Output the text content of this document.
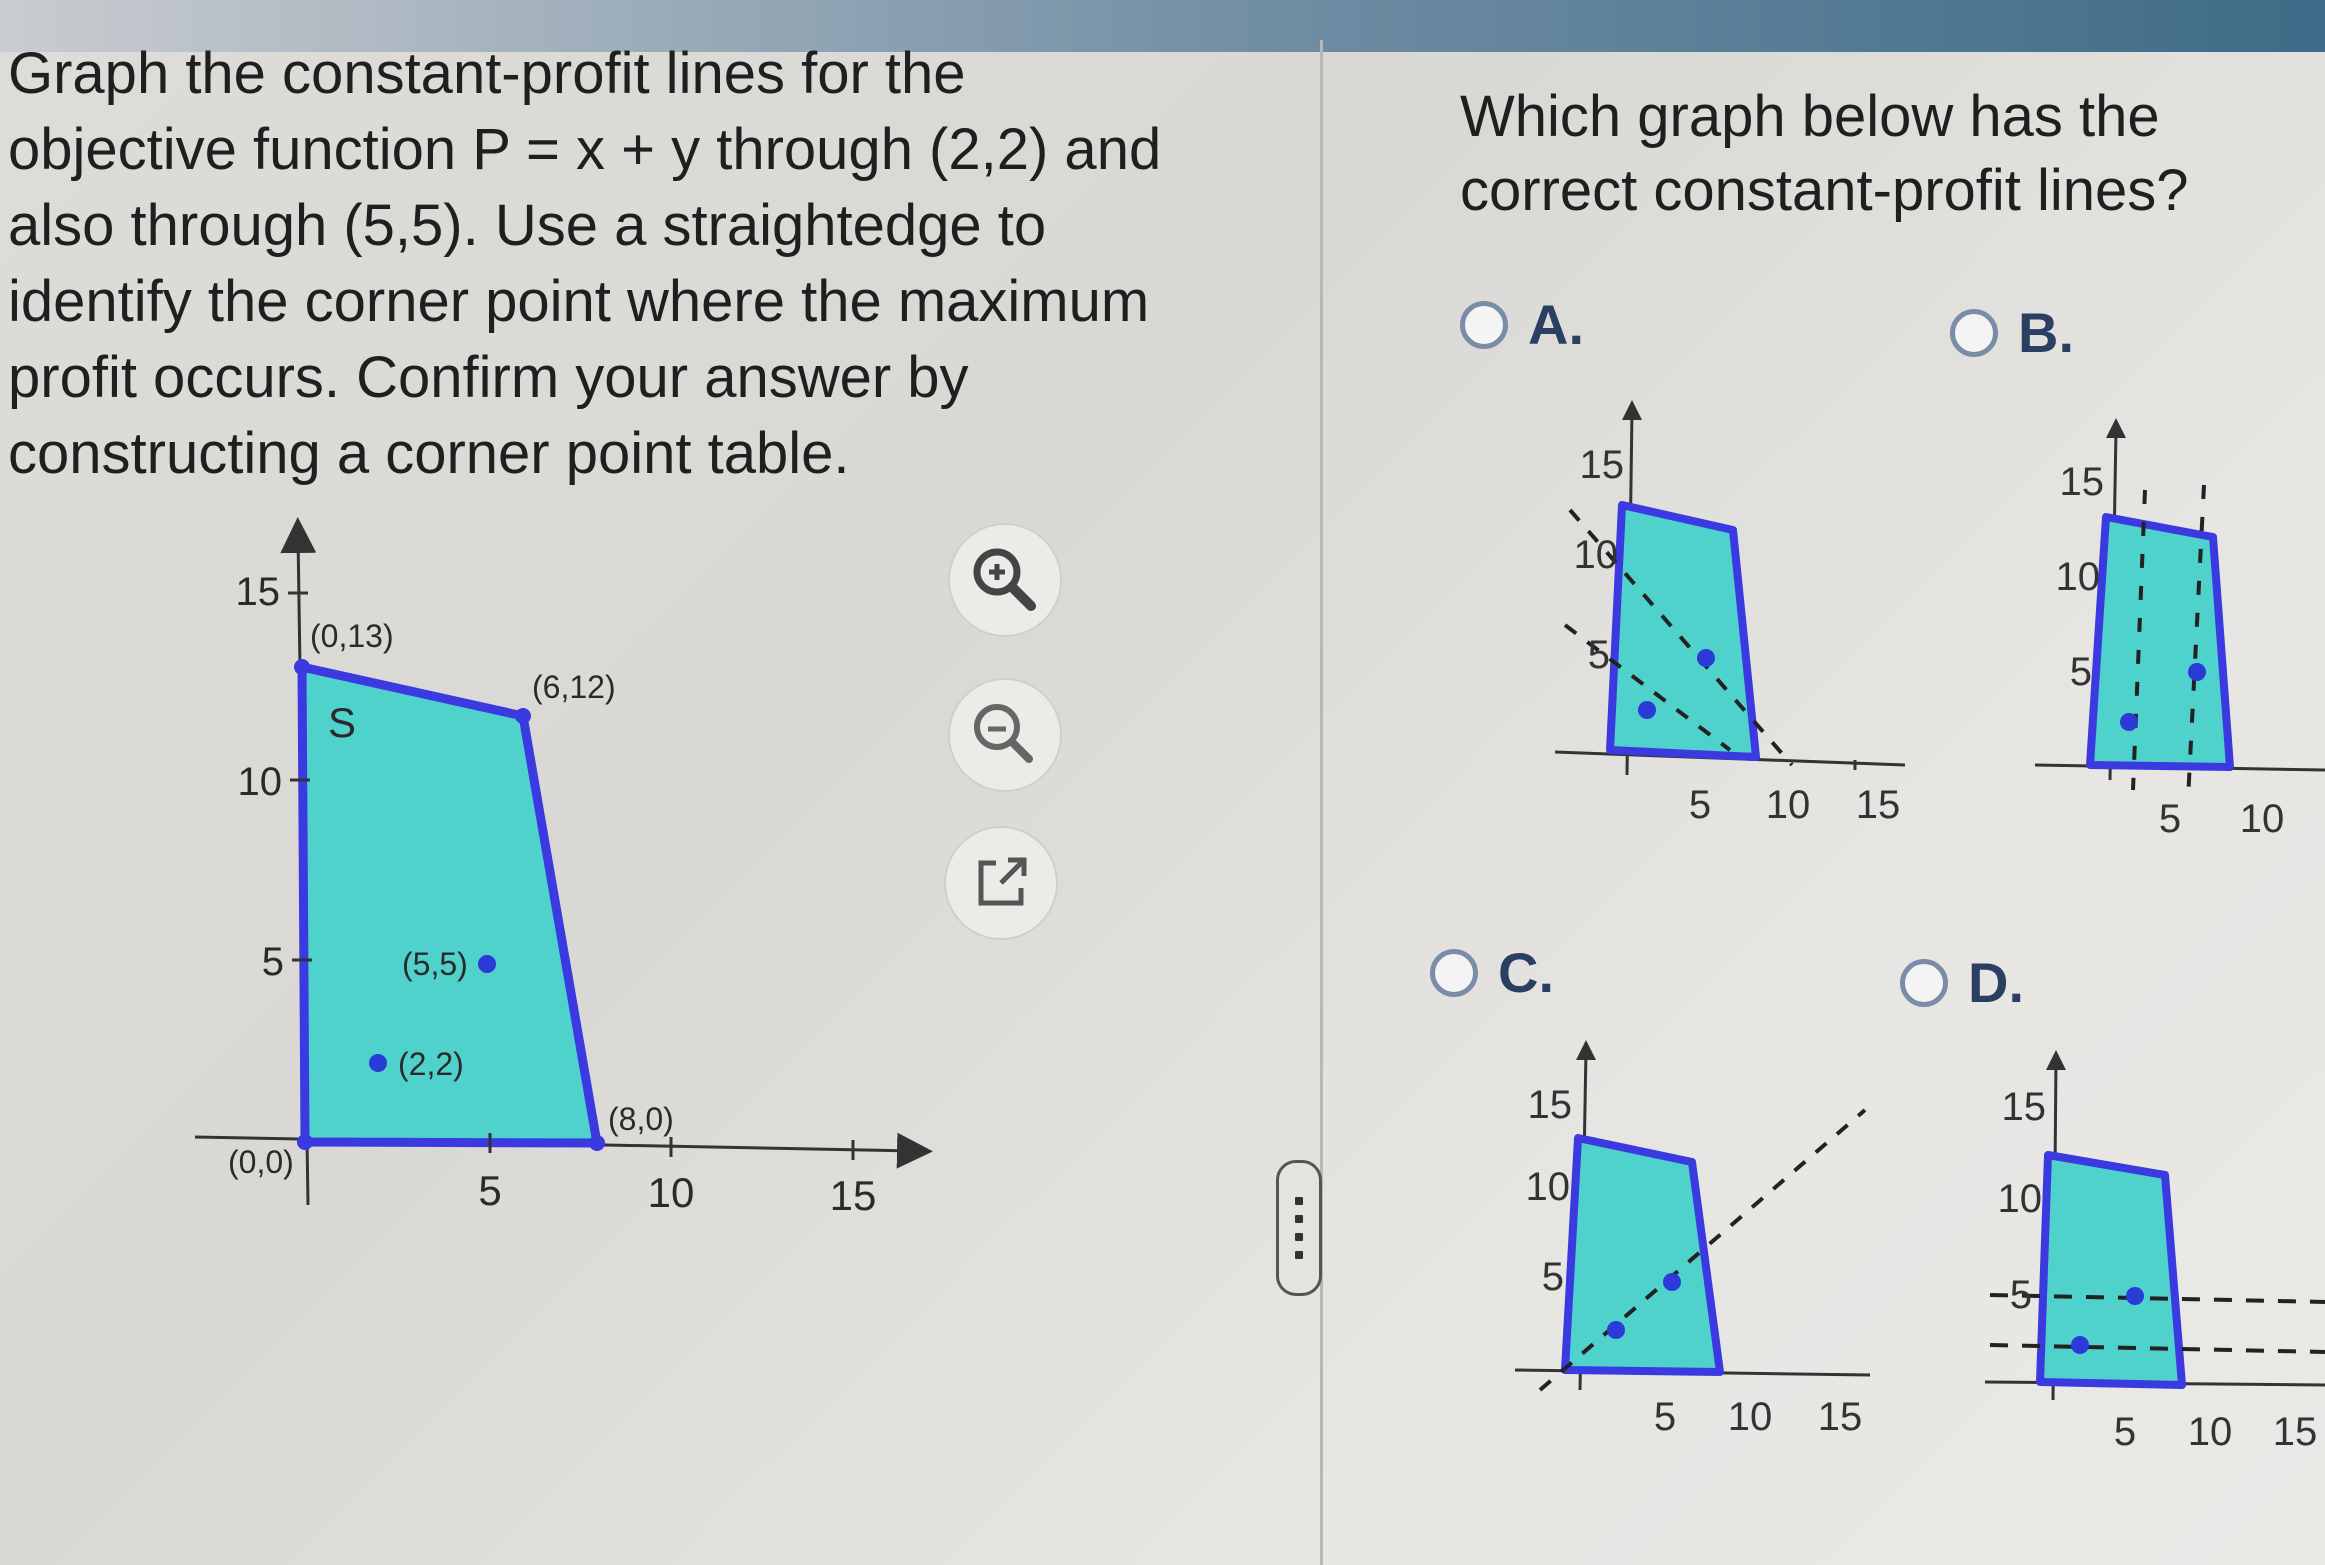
Graph the constant-profit lines for the
objective function P = x + y through (2,2) and
also through (5,5). Use a straightedge to
identify the corner point where the maximum
profit occurs. Confirm your answer by
constructing a corner point table.
15
10
5
5	10	15
(0,0)
(0,13)
(6,12)
(8,0)
S
(5,5)
(2,2)
Which graph below has the
correct constant-profit lines?
A.
15
10
5
5 10 15
B.
15
10
5
5 10
C.
15
10
5
5 10 15
D.
15
10
5
5 10 15
